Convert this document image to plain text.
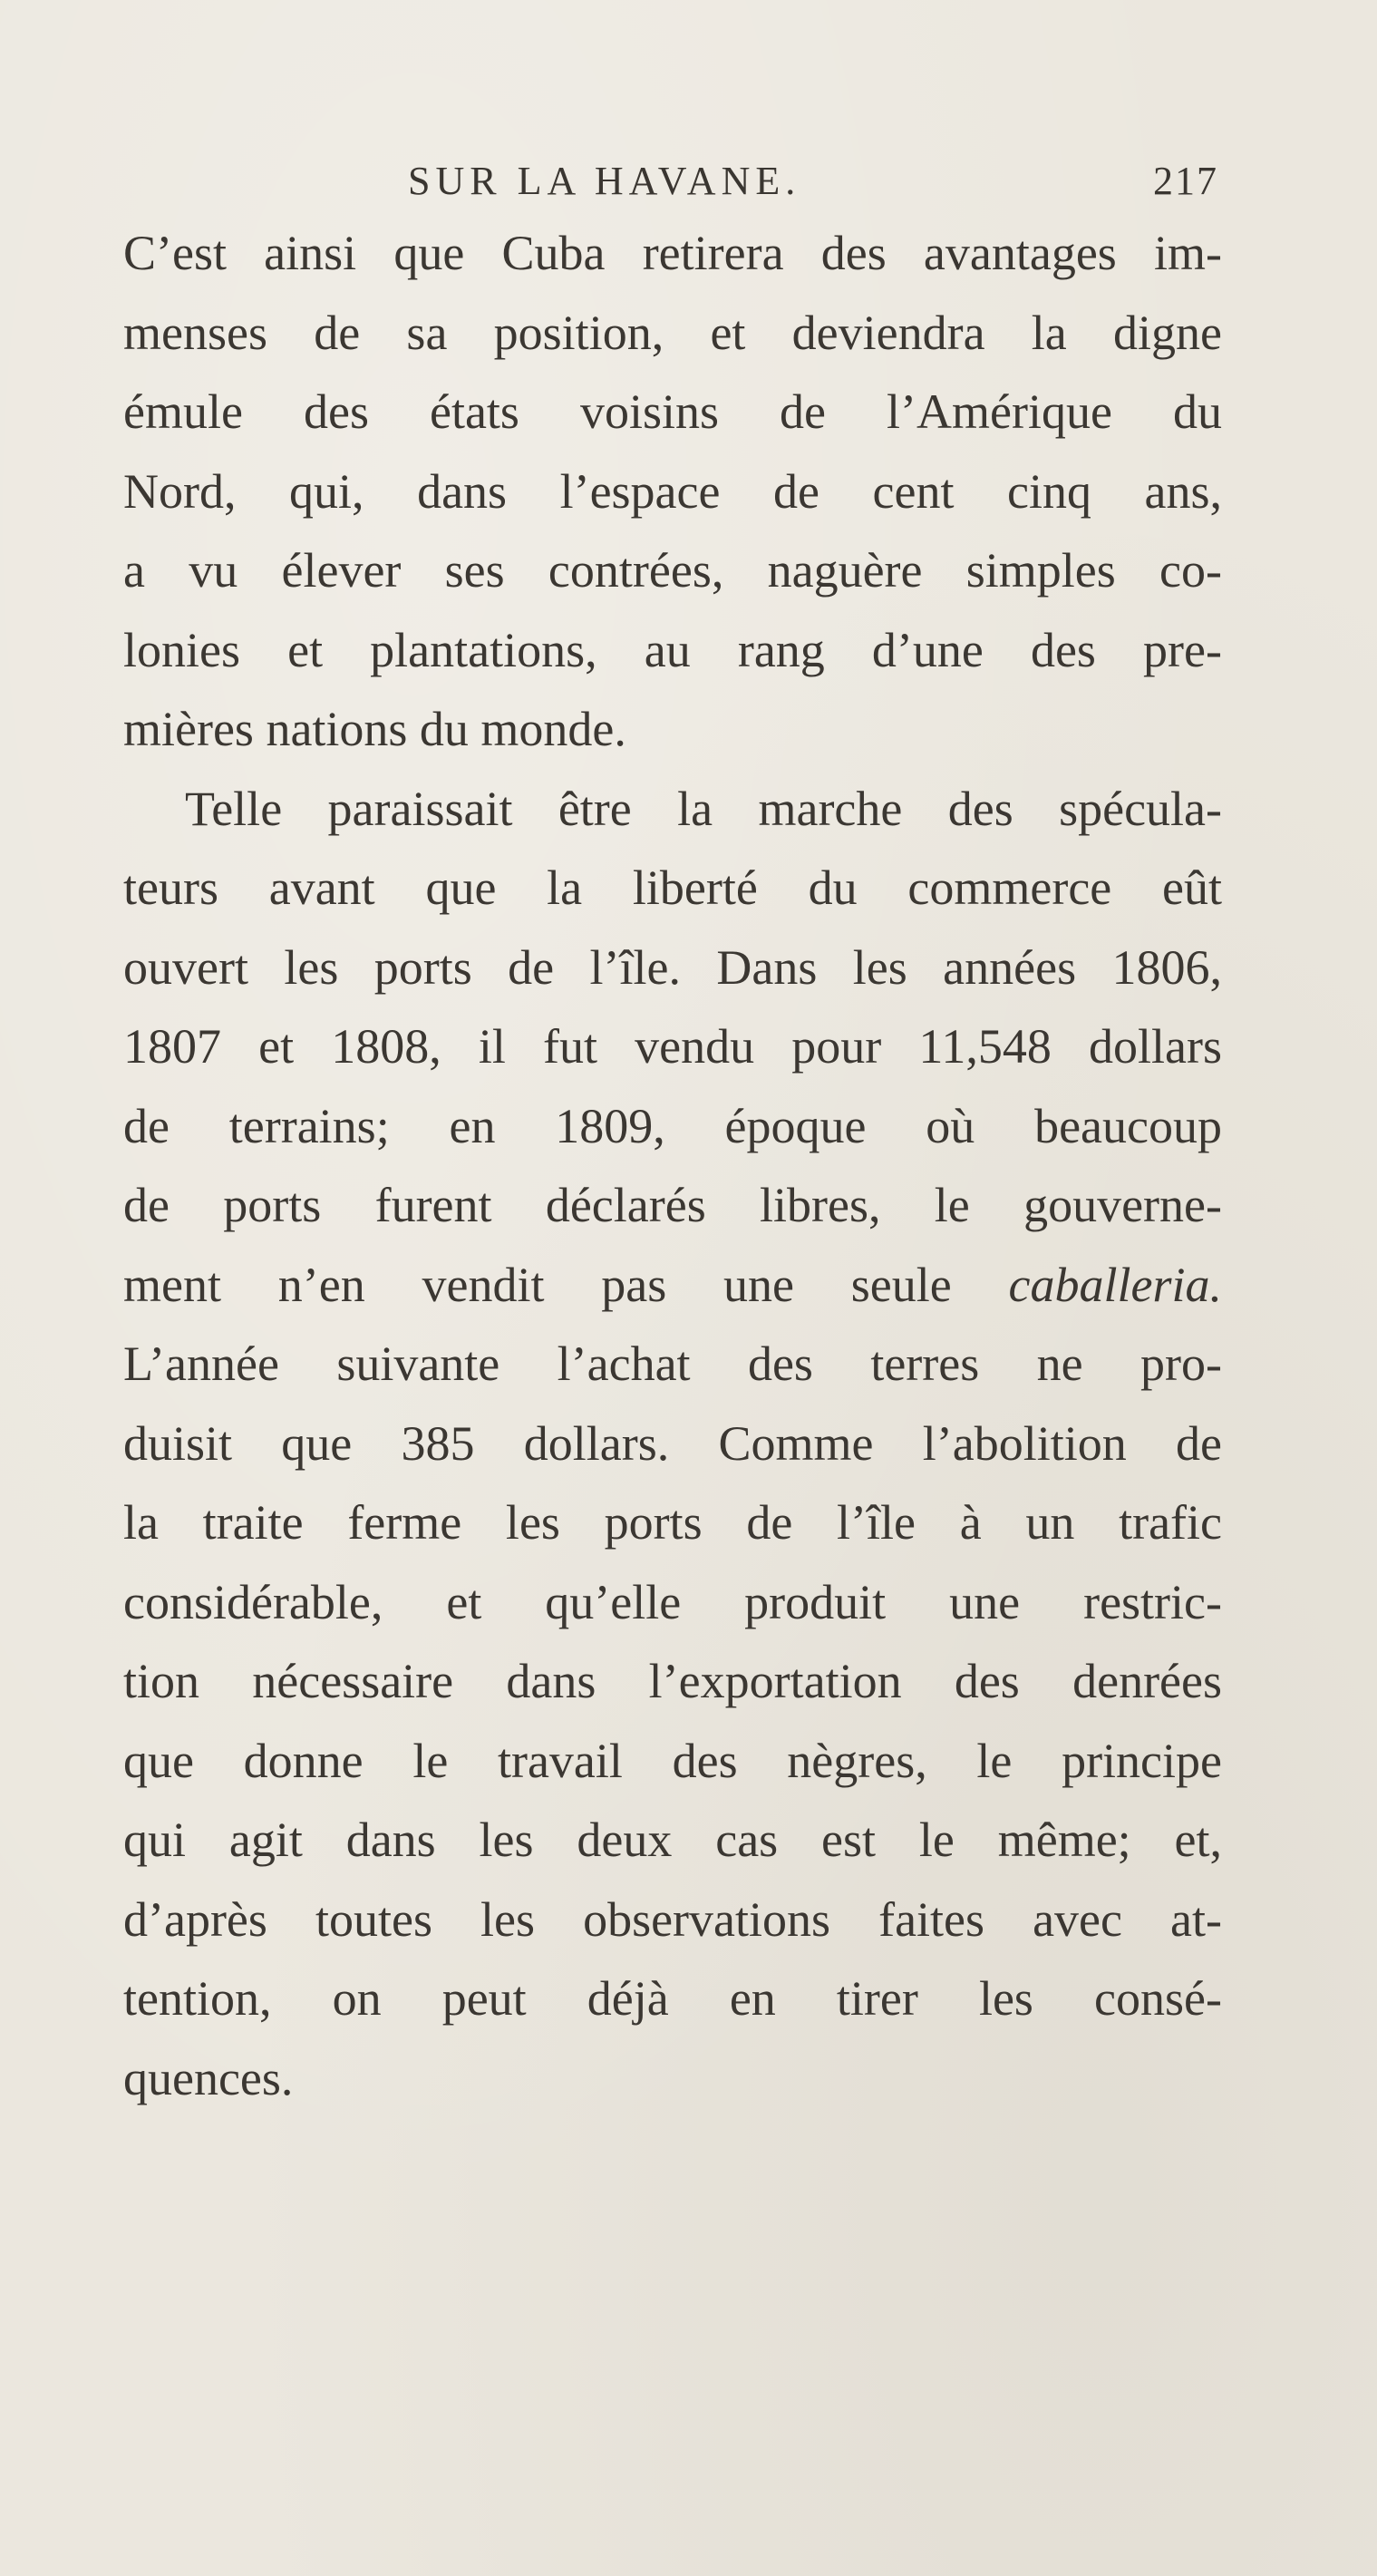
SUR LA HAVANE.	217
C’est ainsi que Cuba retirera des avantages im-
menses de sa position, et deviendra la digne
émule des états voisins de l’Amérique du
Nord, qui, dans l’espace de cent cinq ans,
a vu élever ses contrées, naguère simples co-
lonies et plantations, au rang d’une des pre-
mières nations du monde.
Telle paraissait être la marche des spécula-
teurs avant que la liberté du commerce eût
ouvert les ports de l’île. Dans les années 1806,
1807 et 1808, il fut vendu pour 11,548 dollars
de terrains; en 1809, époque où beaucoup
de ports furent déclarés libres, le gouverne-
ment n’en vendit pas une seule caballeria.
L’année suivante l’achat des terres ne pro-
duisit que 385 dollars. Comme l’abolition de
la traite ferme les ports de l’île à un trafic
considérable, et qu’elle produit une restric-
tion nécessaire dans l’exportation des denrées
que donne le travail des nègres, le principe
qui agit dans les deux cas est le même; et,
d’après toutes les observations faites avec at-
tention, on peut déjà en tirer les consé-
quences.
